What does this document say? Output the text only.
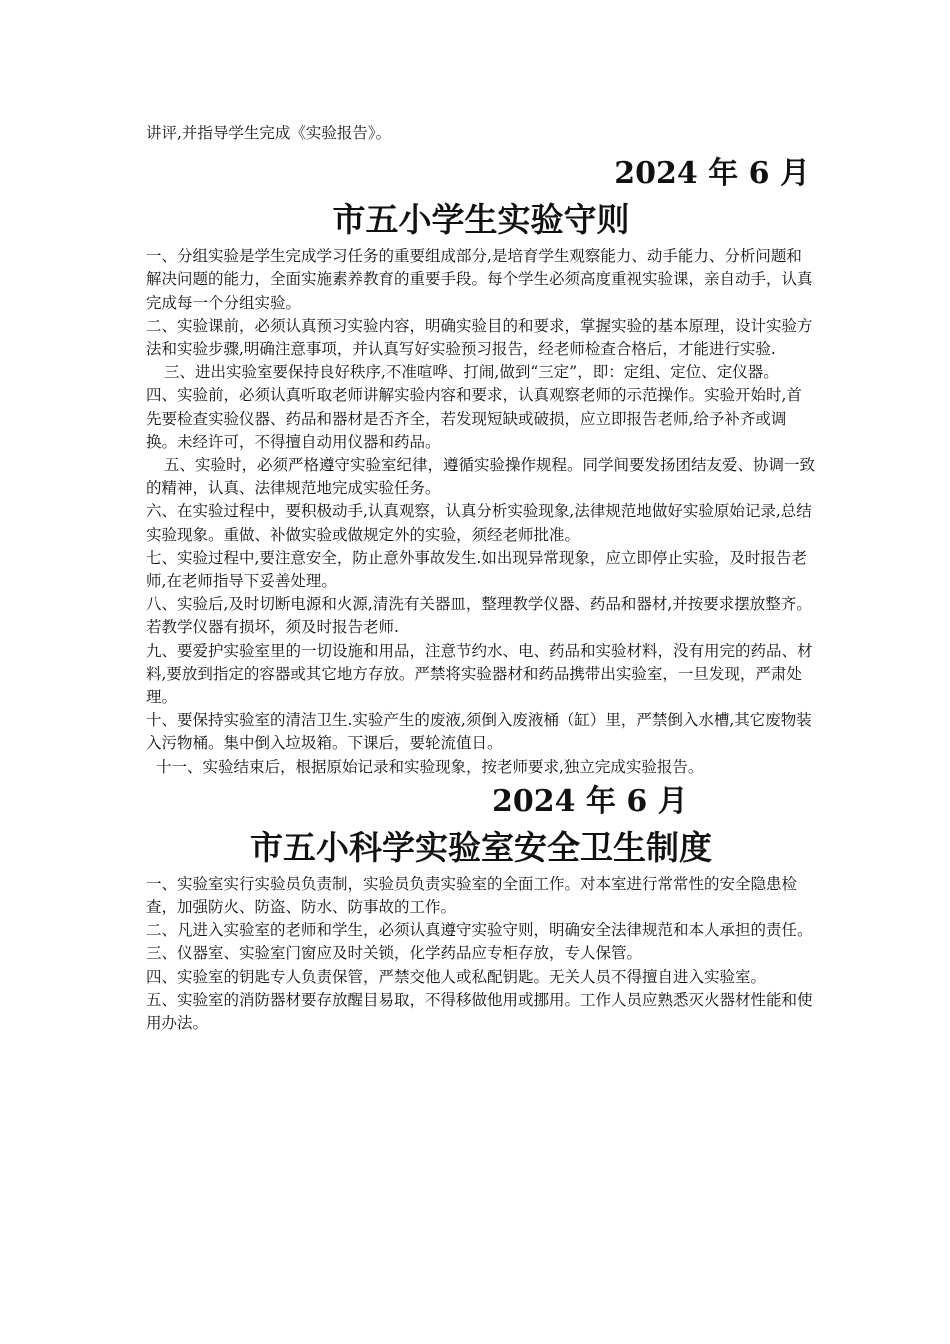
讲评,并指导学生完成《实验报告》。

2024 年 6 月
市五小学生实验守则

一、分组实验是学生完成学习任务的重要组成部分,是培育学生观察能力、动手能力、分析问题和解决问题的能力，全面实施素养教育的重要手段。每个学生必须高度重视实验课，亲自动手，认真完成每一个分组实验。

二、实验课前，必须认真预习实验内容，明确实验目的和要求，掌握实验的基本原理，设计实验方法和实验步骤,明确注意事项，并认真写好实验预习报告，经老师检查合格后，才能进行实验.

三、进出实验室要保持良好秩序,不准喧哗、打闹,做到“三定”，即：定组、定位、定仪器。

四、实验前，必须认真听取老师讲解实验内容和要求，认真观察老师的示范操作。实验开始时,首先要检查实验仪器、药品和器材是否齐全，若发现短缺或破损，应立即报告老师,给予补齐或调换。未经许可，不得擅自动用仪器和药品。

五、实验时，必须严格遵守实验室纪律，遵循实验操作规程。同学间要发扬团结友爱、协调一致的精神，认真、法律规范地完成实验任务。

六、在实验过程中，要积极动手,认真观察，认真分析实验现象,法律规范地做好实验原始记录,总结实验现象。重做、补做实验或做规定外的实验，须经老师批准。

七、实验过程中,要注意安全，防止意外事故发生.如出现异常现象，应立即停止实验，及时报告老师,在老师指导下妥善处理。

八、实验后,及时切断电源和火源,清洗有关器皿，整理教学仪器、药品和器材,并按要求摆放整齐。若教学仪器有损坏，须及时报告老师.

九、要爱护实验室里的一切设施和用品，注意节约水、电、药品和实验材料，没有用完的药品、材料,要放到指定的容器或其它地方存放。严禁将实验器材和药品携带出实验室，一旦发现，严肃处理。

十、要保持实验室的清洁卫生.实验产生的废液,须倒入废液桶（缸）里，严禁倒入水槽,其它废物装入污物桶。集中倒入垃圾箱。下课后，要轮流值日。

十一、实验结束后，根据原始记录和实验现象，按老师要求,独立完成实验报告。

2024 年 6 月
市五小科学实验室安全卫生制度

一、实验室实行实验员负责制，实验员负责实验室的全面工作。对本室进行常常性的安全隐患检查，加强防火、防盗、防水、防事故的工作。

二、凡进入实验室的老师和学生，必须认真遵守实验守则，明确安全法律规范和本人承担的责任。

三、仪器室、实验室门窗应及时关锁，化学药品应专柜存放，专人保管。

四、实验室的钥匙专人负责保管，严禁交他人或私配钥匙。无关人员不得擅自进入实验室。

五、实验室的消防器材要存放醒目易取，不得移做他用或挪用。工作人员应熟悉灭火器材性能和使用办法。
